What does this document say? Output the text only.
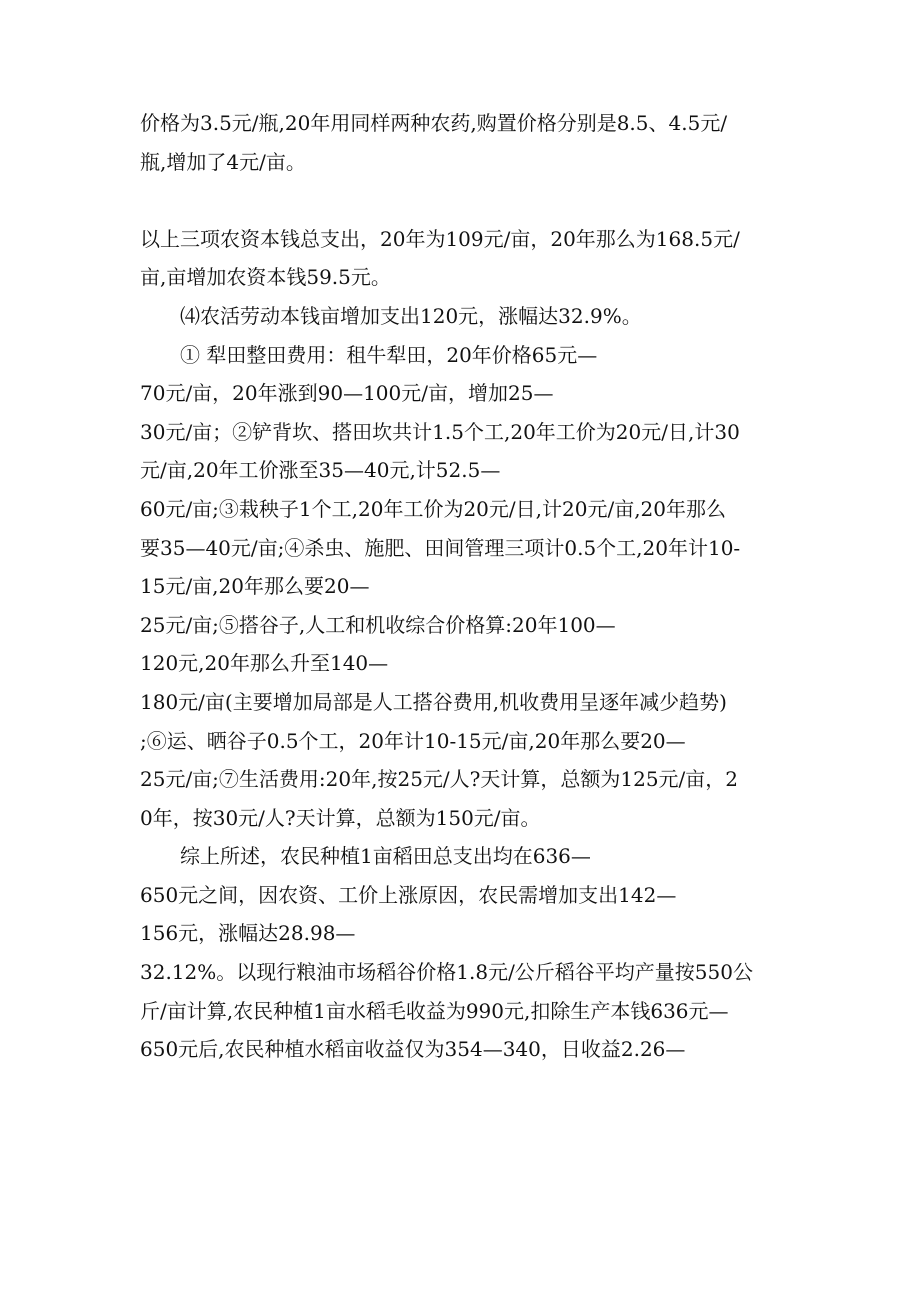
价格为3.5元/瓶,20年用同样两种农药,购置价格分别是8.5、4.5元/
瓶,增加了4元/亩。
以上三项农资本钱总支出，20年为109元/亩，20年那么为168.5元/
亩,亩增加农资本钱59.5元。
⑷农活劳动本钱亩增加支出120元，涨幅达32.9%。
① 犁田整田费用：租牛犁田，20年价格65元—
70元/亩，20年涨到90—100元/亩，增加25—
30元/亩；②铲背坎、搭田坎共计1.5个工,20年工价为20元/日,计30
元/亩,20年工价涨至35—40元,计52.5—
60元/亩;③栽秧子1个工,20年工价为20元/日,计20元/亩,20年那么
要35—40元/亩;④杀虫、施肥、田间管理三项计0.5个工,20年计10-
15元/亩,20年那么要20—
25元/亩;⑤搭谷子,人工和机收综合价格算:20年100—
120元,20年那么升至140—
180元/亩(主要增加局部是人工搭谷费用,机收费用呈逐年减少趋势)
;⑥运、晒谷子0.5个工，20年计10-15元/亩,20年那么要20—
25元/亩;⑦生活费用:20年,按25元/人?天计算，总额为125元/亩，2
0年，按30元/人?天计算，总额为150元/亩。
综上所述，农民种植1亩稻田总支出均在636—
650元之间，因农资、工价上涨原因，农民需增加支出142—
156元，涨幅达28.98—
32.12%。以现行粮油市场稻谷价格1.8元/公斤稻谷平均产量按550公
斤/亩计算,农民种植1亩水稻毛收益为990元,扣除生产本钱636元—
650元后,农民种植水稻亩收益仅为354—340，日收益2.26—
